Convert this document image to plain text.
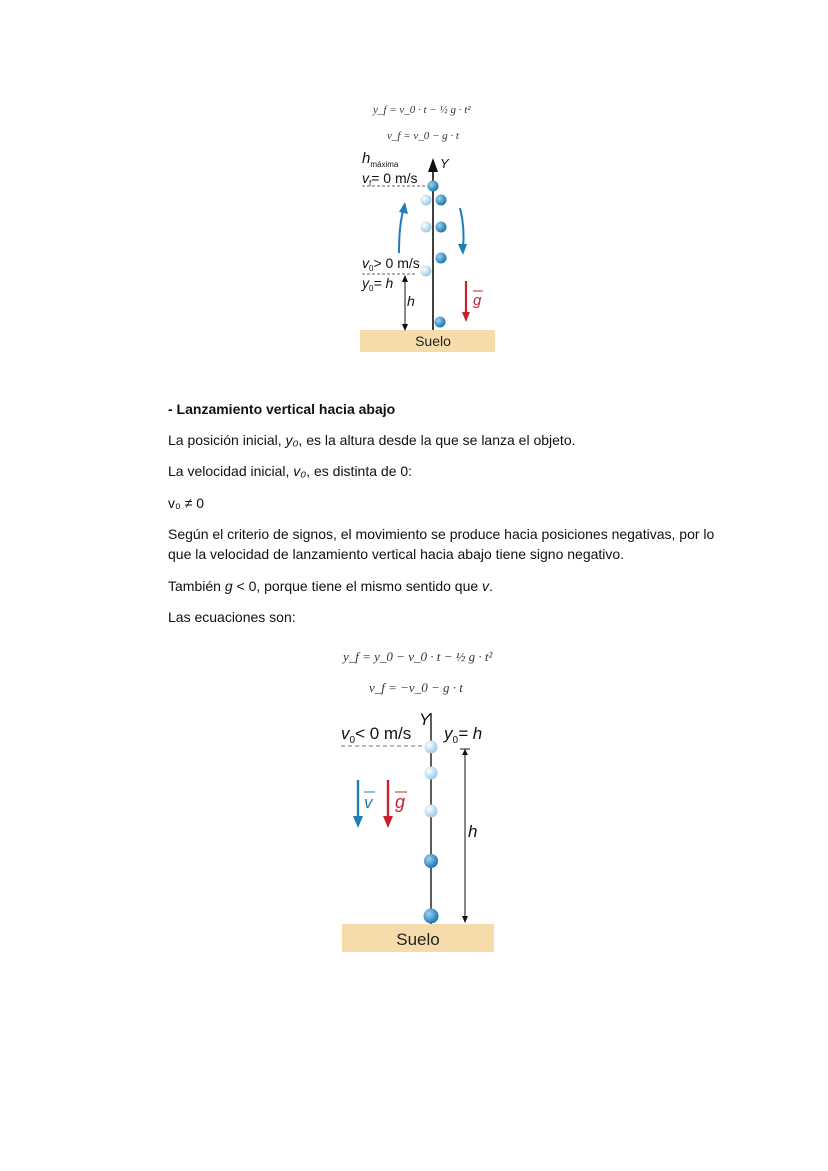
y_f = v_0 · t − ½ g · t²
v_f = v_0 − g · t
Suelo
Y
$h_{máxima}$
$v_f= 0$ m/s
$v_0> 0$ m/s
$y_0= h$
h	g
- Lanzamiento vertical hacia abajo
La posición inicial, y₀, es la altura desde la que se lanza el objeto.
La velocidad inicial, v₀, es distinta de 0:
v₀ ≠ 0
Según el criterio de signos, el movimiento se produce hacia posiciones negativas, por lo
que la velocidad de lanzamiento vertical hacia abajo tiene signo negativo.
También g < 0, porque tiene el mismo sentido que v.
Las ecuaciones son:
y_f = y_0 − v_0 · t − ½ g · t²
v_f = −v_0 − g · t
Suelo
Y
$v_0< 0$ m/s $y_0= h$
h
v g
